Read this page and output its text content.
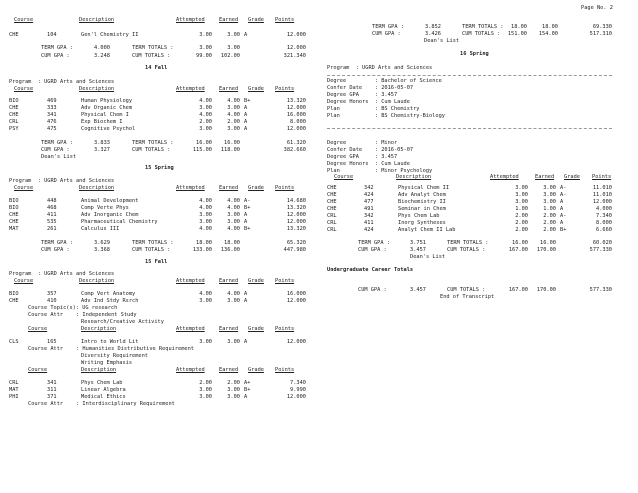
Page No. 2
Course	Description	Attempted	Earned Grade Points
CHE	104	Gen'l Chemistry II	3.00	3.00 A	12.000
TERM GPA :	4.000	TERM TOTALS :	3.00	3.00	12.000
CUM GPA :	3.248	CUM TOTALS :	99.00	102.00	321.340
14 Fall
Program  : UGRD Arts and Sciences
Course	Description	Attempted	Earned Grade Points
BIO	469	Human Physiology	4.00	4.00 B+	13.320
CHE	333	Adv Organic Chem	3.00	3.00 A	12.000
CHE	341	Physical Chem I	4.00	4.00 A	16.000
CRL	476	Exp Biochem I	2.00	2.00 A	8.000
PSY	475	Cognitive Psychol	3.00	3.00 A	12.000
TERM GPA :	3.833	TERM TOTALS :	16.00	16.00	61.320
CUM GPA :	3.327	CUM TOTALS :	115.00	118.00	382.660
Dean's List
15 Spring
Program  : UGRD Arts and Sciences
Course	Description	Attempted	Earned Grade Points
BIO	448	Animal Development	4.00	4.00 A-	14.680
BIO	468	Comp Verte Phys	4.00	4.00 B+	13.320
CHE	411	Adv Inorganic Chem	3.00	3.00 A	12.000
CHE	535	Pharmaceutical Chemistry	3.00	3.00 A	12.000
MAT	261	Calculus III	4.00	4.00 B+	13.320
TERM GPA :	3.629	TERM TOTALS :	18.00	18.00	65.320
CUM GPA :	3.368	CUM TOTALS :	133.00	136.00	447.980
15 Fall
Program  : UGRD Arts and Sciences
Course	Description	Attempted	Earned Grade Points
BIO	357	Comp Vert Anatomy	4.00	4.00 A	16.000
CHE	410	Adv Ind Stdy Rsrch	3.00	3.00 A	12.000
Course Topic(s): UG research
Course Attr : Independent Study
Research/Creative Activity
Course	Description	Attempted	Earned Grade Points
CLS	165	Intro to World Lit	3.00	3.00 A	12.000
Course Attr : Humanities Distributive Requirement
Diversity Requirement
Writing Emphasis
Course	Description	Attempted	Earned Grade Points
CRL	341	Phys Chem Lab	2.00	2.00 A+	7.340
MAT	311	Linear Algebra	3.00	3.00 B+	9.990
PHI	371	Medical Ethics	3.00	3.00 A	12.000
Course Attr : Interdisciplinary Requirement
TERM GPA :	3.852	TERM TOTALS :	18.00	18.00	69.330
CUM GPA :	3.426	CUM TOTALS :	151.00	154.00	517.310
Dean's List
16 Spring
Program  : UGRD Arts and Sciences
Degree         : Bachelor of Science
Confer Date    : 2016-05-07
Degree GPA     : 3.457
Degree Honors  : Cum Laude
Plan           : BS Chemistry
Plan           : BS Chemistry-Biology
Degree         : Minor
Confer Date    : 2016-05-07
Degree GPA     : 3.457
Degree Honors  : Cum Laude
Plan           : Minor Psychology
Course	Description	Attempted	Earned Grade Points
CHE	342	Physical Chem II	3.00	3.00 A-	11.010
CHE	424	Adv Analyt Chem	3.00	3.00 A-	11.010
CHE	477	Biochemistry II	3.00	3.00 A	12.000
CHE	491	Seminar in Chem	1.00	1.00 A	4.000
CRL	342	Phys Chem Lab	2.00	2.00 A-	7.340
CRL	411	Inorg Syntheses	2.00	2.00 A	8.000
CRL	424	Analyt Chem II Lab	2.00	2.00 B+	6.660
TERM GPA :	3.751	TERM TOTALS :	16.00	16.00	60.020
CUM GPA :	3.457	CUM TOTALS :	167.00	170.00	577.330
Dean's List
Undergraduate Career Totals
CUM GPA :	3.457	CUM TOTALS :	167.00	170.00	577.330
End of Transcript
